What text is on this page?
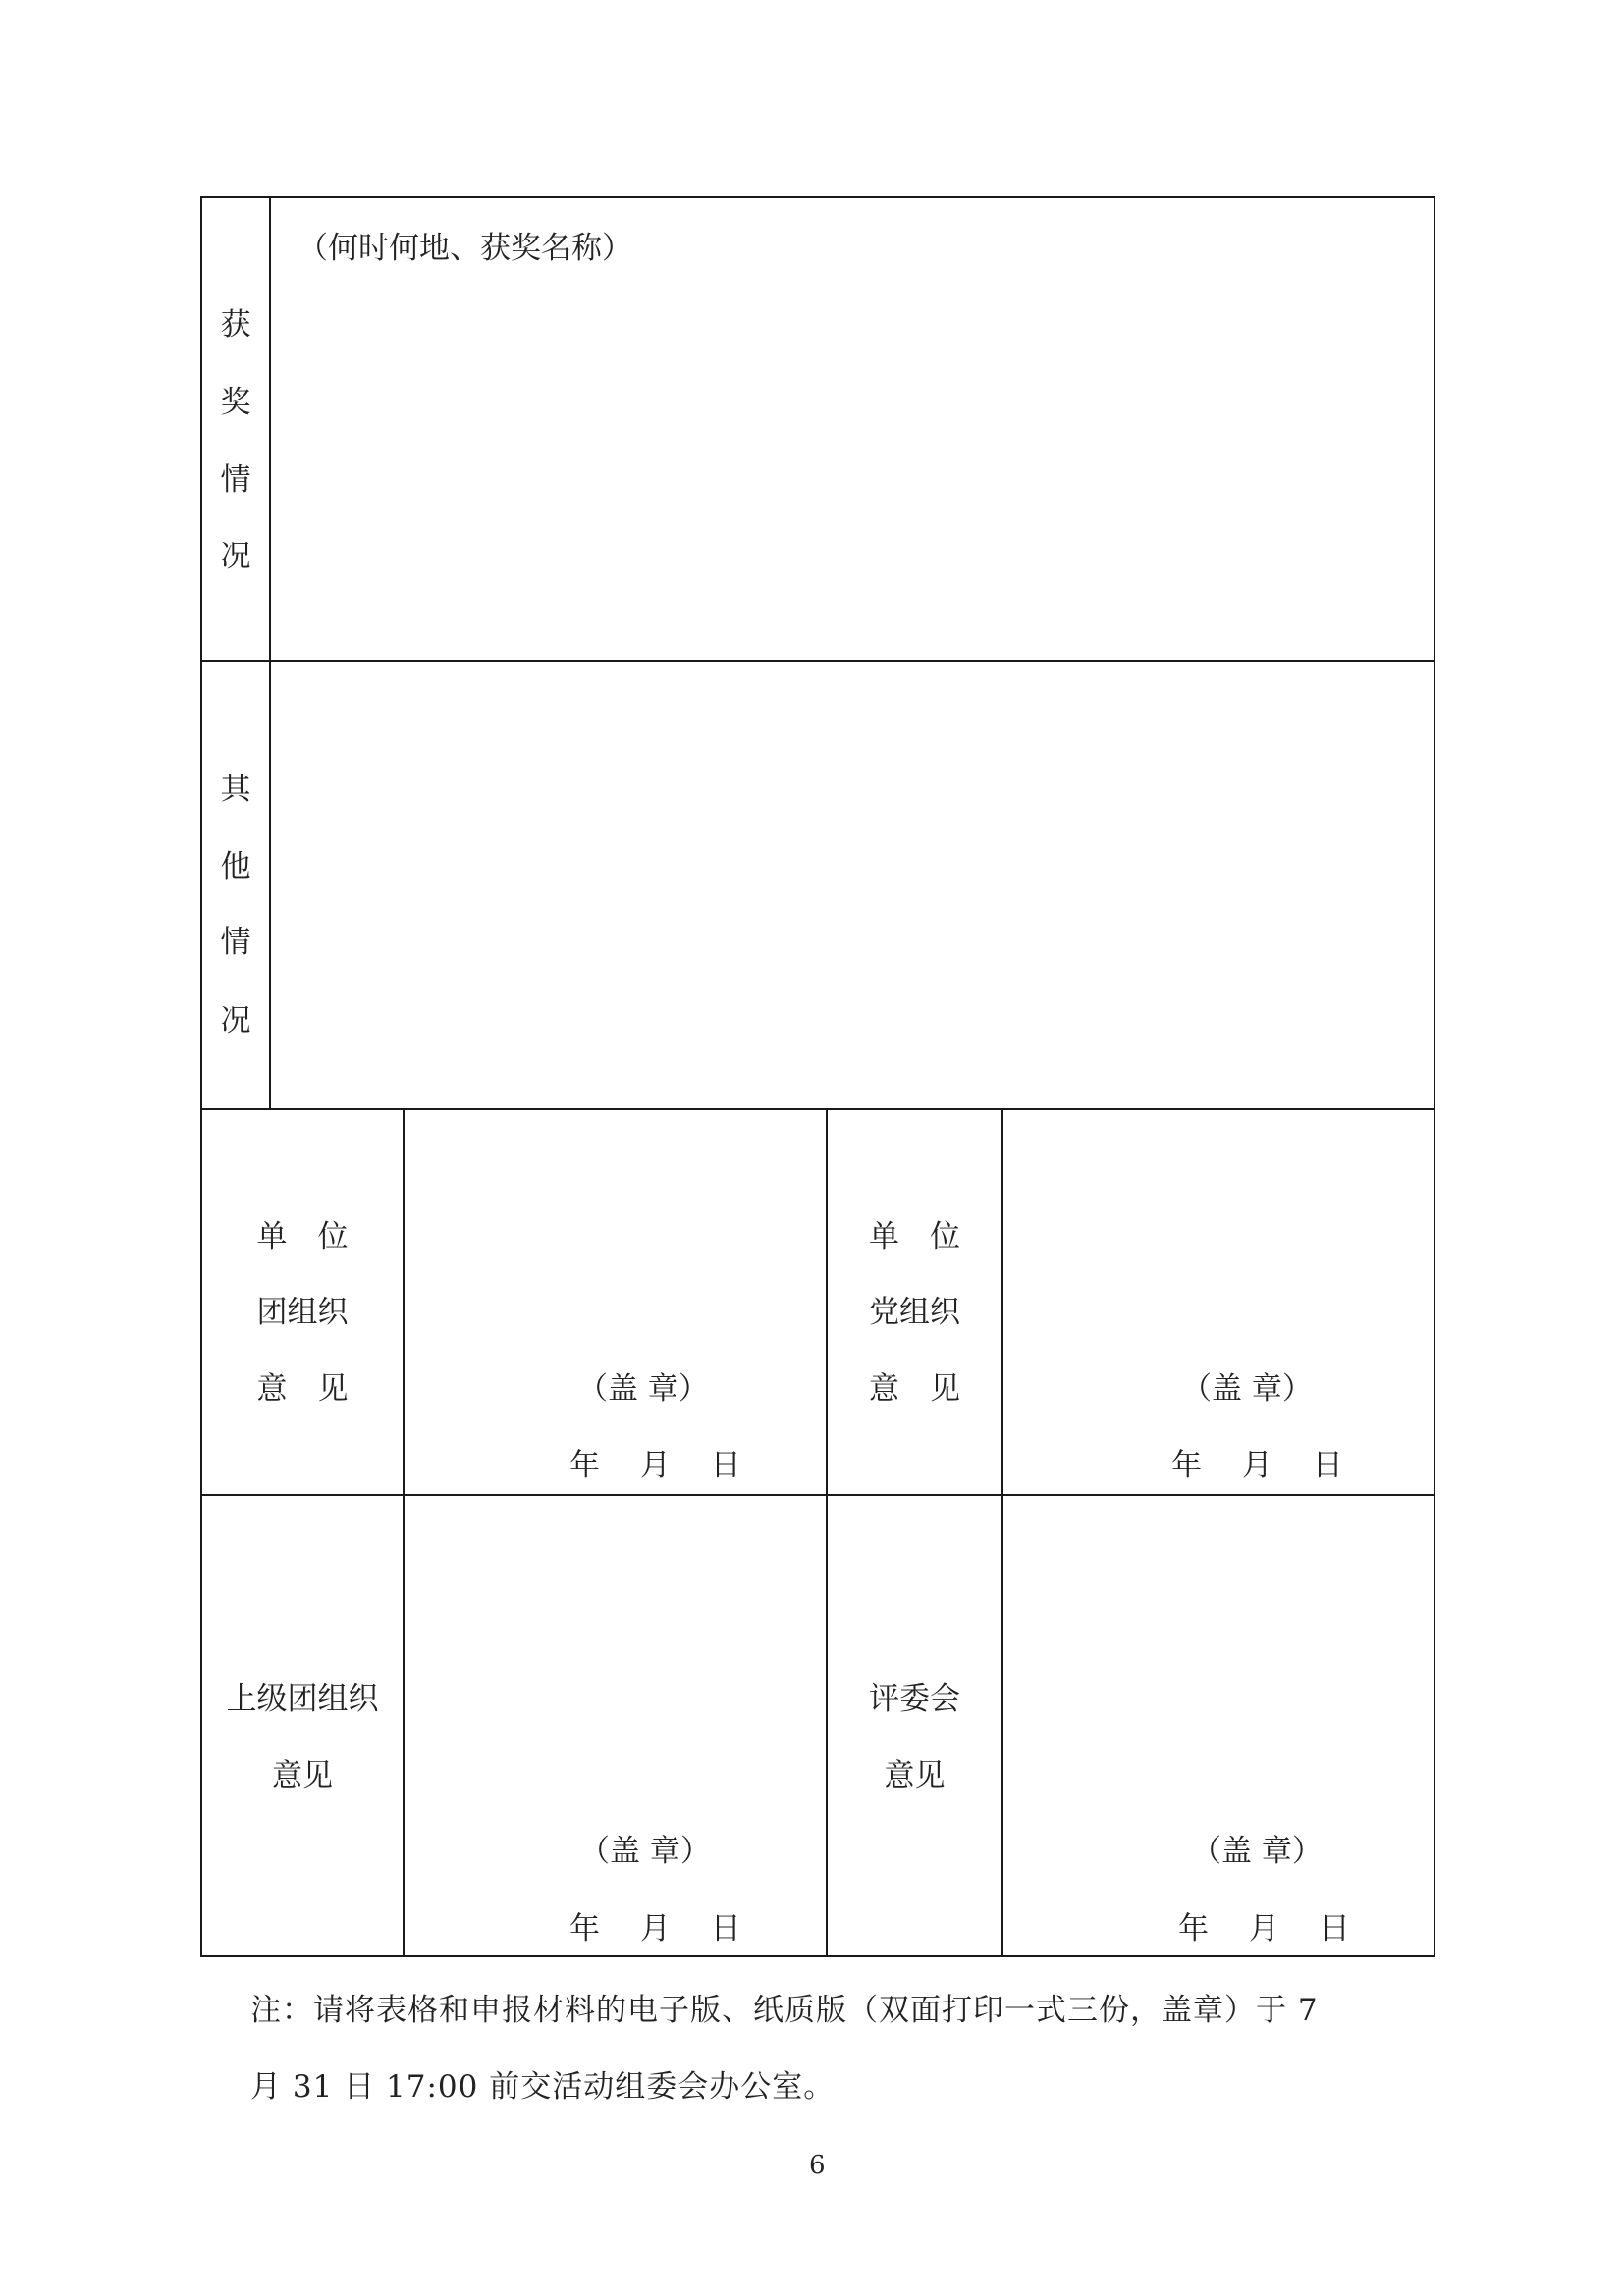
获
奖
情
况
（何时何地、获奖名称）
其
他
情
况
单　位
团组织
意　见	（盖 章）
年　 月　 日
单　位
党组织
意　见	（盖 章）
年　 月　 日
上级团组织
意见
（盖 章）
年　 月　 日
评委会
意见
（盖 章）
年　 月　 日
注：请将表格和申报材料的电子版、纸质版（双面打印一式三份，盖章）于 7
月 31 日 17:00 前交活动组委会办公室。
6
